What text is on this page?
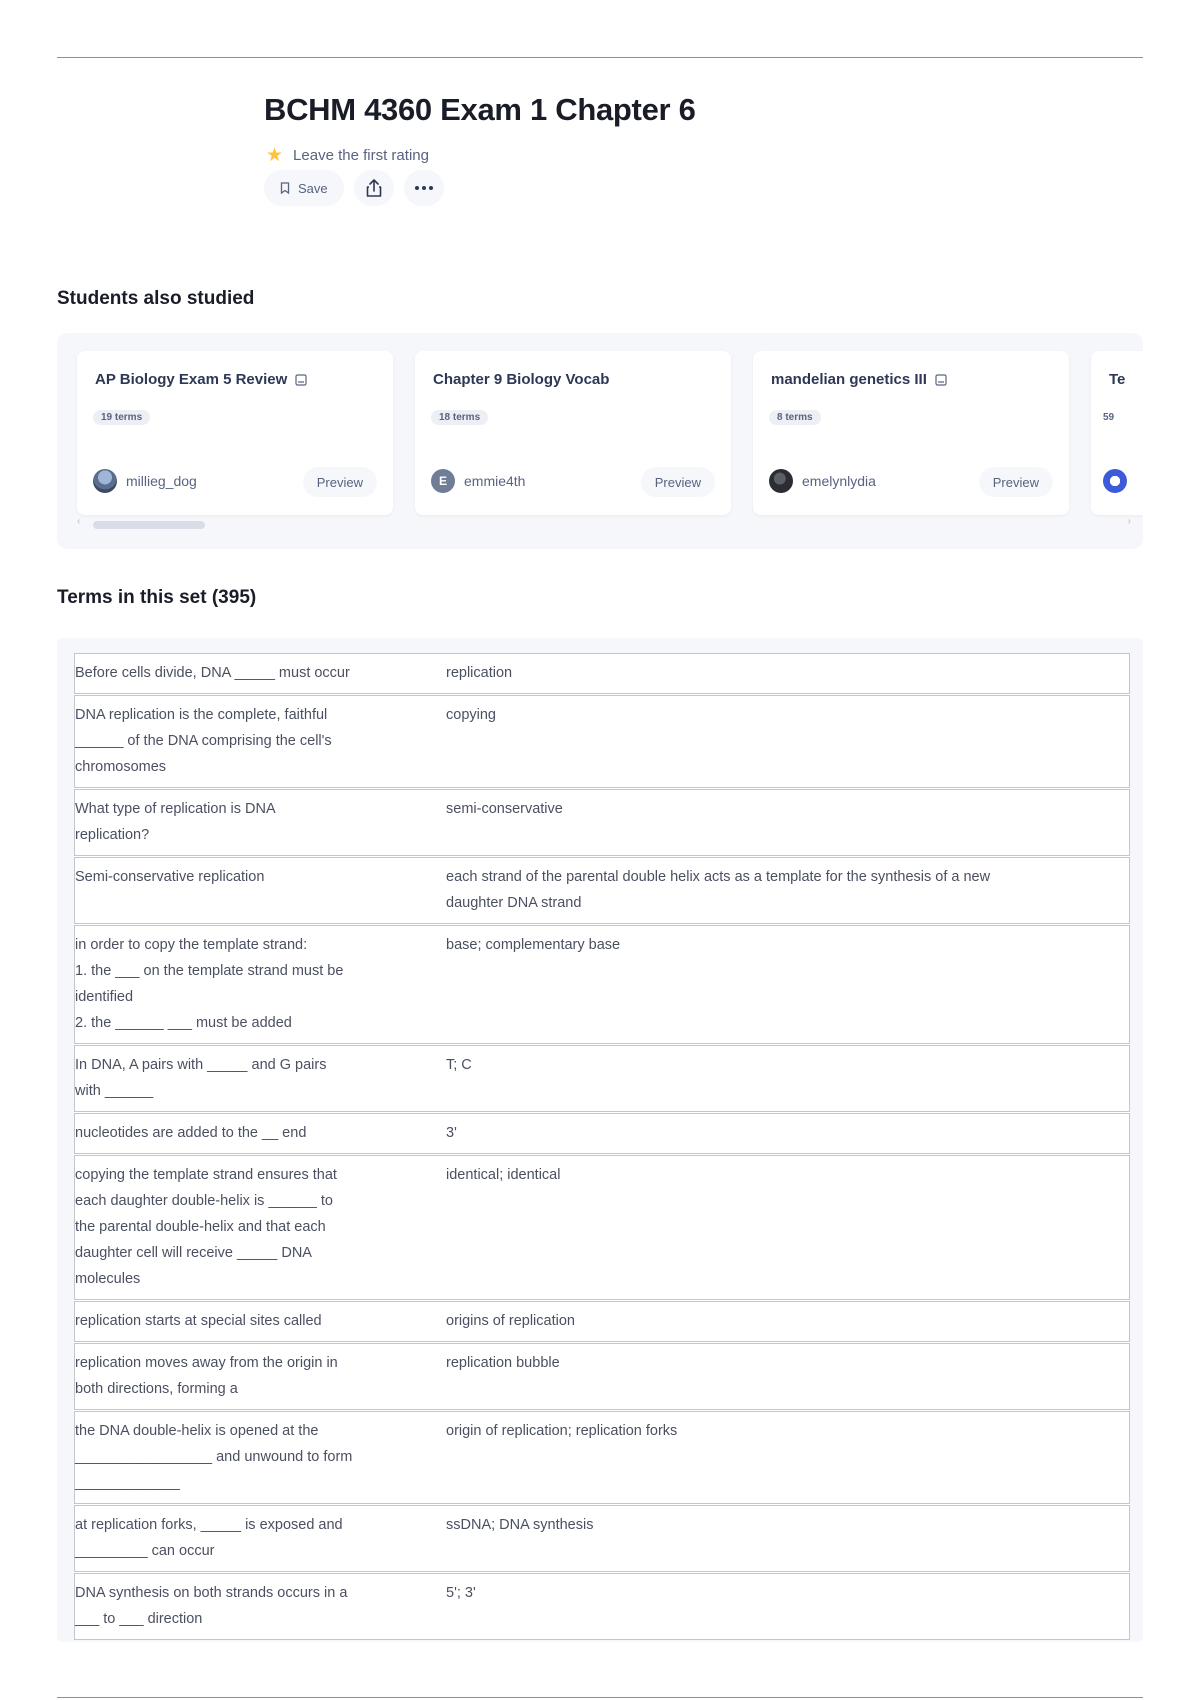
BCHM 4360 Exam 1 Chapter 6
★ Leave the first rating
Save
Students also studied
AP Biology Exam 5 Review
19 terms
millieg_dog	Preview
Chapter 9 Biology Vocab
18 terms
E	emmie4th	Preview
mandelian genetics III
8 terms
emelynlydia	Preview
Te
59
‹	›
Terms in this set (395)
Before cells divide, DNA _____ must occur	replication

DNA replication is the complete, faithful
______ of the DNA comprising the cell's
chromosomes	copying

What type of replication is DNA
replication?	semi-conservative

Semi-conservative replication	each strand of the parental double helix acts as a template for the synthesis of a new daughter DNA strand

in order to copy the template strand:
1. the ___ on the template strand must be
identified
2. the ______ ___ must be added	base; complementary base

In DNA, A pairs with _____ and G pairs
with ______	T; C

nucleotides are added to the __ end	3'

copying the template strand ensures that
each daughter double-helix is ______ to
the parental double-helix and that each
daughter cell will receive _____ DNA
molecules	identical; identical

replication starts at special sites called	origins of replication

replication moves away from the origin in
both directions, forming a	replication bubble

the DNA double-helix is opened at the
_________________ and unwound to form
_____________	origin of replication; replication forks

at replication forks, _____ is exposed and
_________ can occur	ssDNA; DNA synthesis

DNA synthesis on both strands occurs in a
___ to ___ direction	5'; 3'
